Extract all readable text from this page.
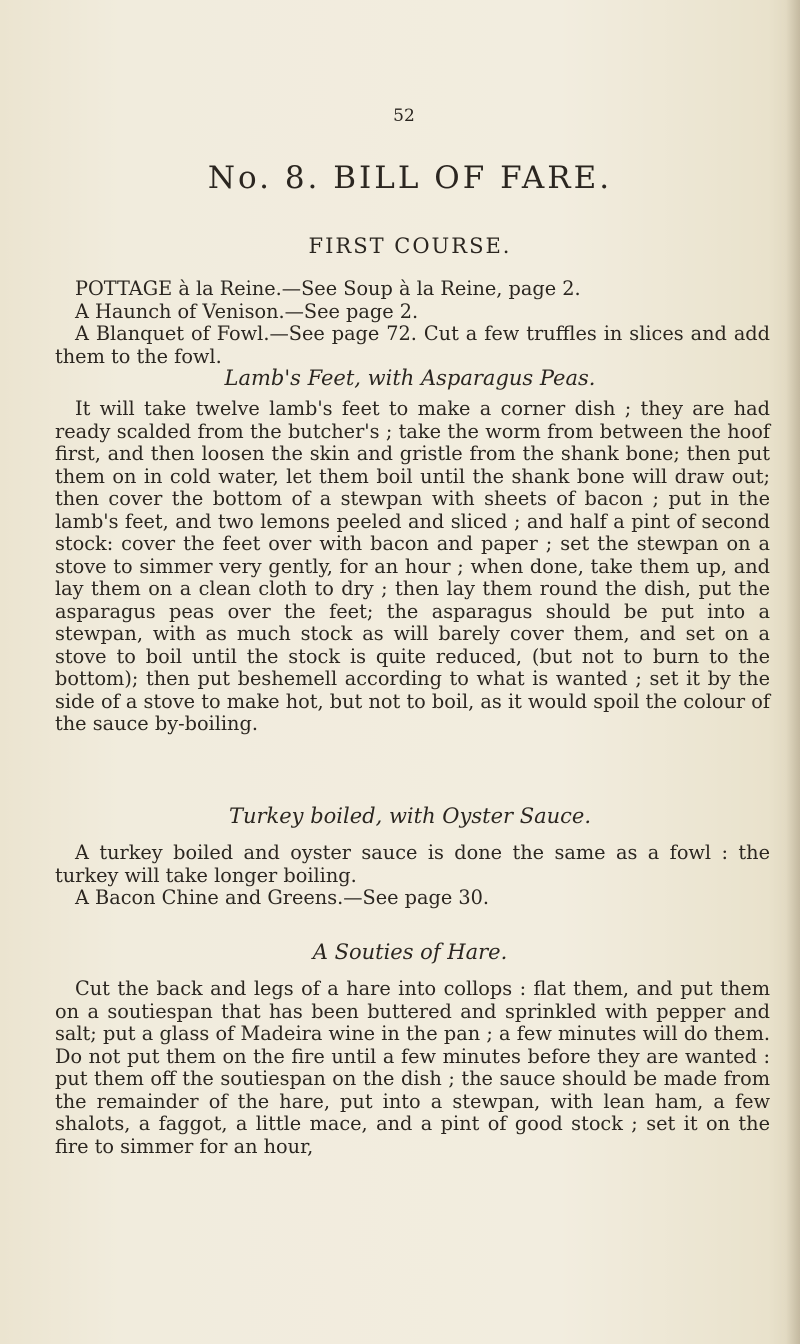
52
No. 8. BILL OF FARE.
FIRST COURSE.

POTTAGE à la Reine.—See Soup à la Reine, page 2.

A Haunch of Venison.—See page 2.

A Blanquet of Fowl.—See page 72. Cut a few truffles in slices and add them to the fowl.

Lamb's Feet, with Asparagus Peas.

It will take twelve lamb's feet to make a corner dish ; they are had ready scalded from the butcher's ; take the worm from between the hoof first, and then loosen the skin and gristle from the shank bone; then put them on in cold water, let them boil until the shank bone will draw out; then cover the bottom of a stewpan with sheets of bacon ; put in the lamb's feet, and two lemons peeled and sliced ; and half a pint of second stock: cover the feet over with bacon and paper ; set the stewpan on a stove to simmer very gently, for an hour ; when done, take them up, and lay them on a clean cloth to dry ; then lay them round the dish, put the asparagus peas over the feet; the asparagus should be put into a stewpan, with as much stock as will barely cover them, and set on a stove to boil until the stock is quite reduced, (but not to burn to the bottom); then put beshemell according to what is wanted ; set it by the side of a stove to make hot, but not to boil, as it would spoil the colour of the sauce by-boiling.

Turkey boiled, with Oyster Sauce.

A turkey boiled and oyster sauce is done the same as a fowl : the turkey will take longer boiling.

A Bacon Chine and Greens.—See page 30.

A Souties of Hare.

Cut the back and legs of a hare into collops : flat them, and put them on a soutiespan that has been buttered and sprinkled with pepper and salt; put a glass of Madeira wine in the pan ; a few minutes will do them. Do not put them on the fire until a few minutes before they are wanted : put them off the soutiespan on the dish ; the sauce should be made from the remainder of the hare, put into a stewpan, with lean ham, a few shalots, a faggot, a little mace, and a pint of good stock ; set it on the fire to simmer for an hour,
